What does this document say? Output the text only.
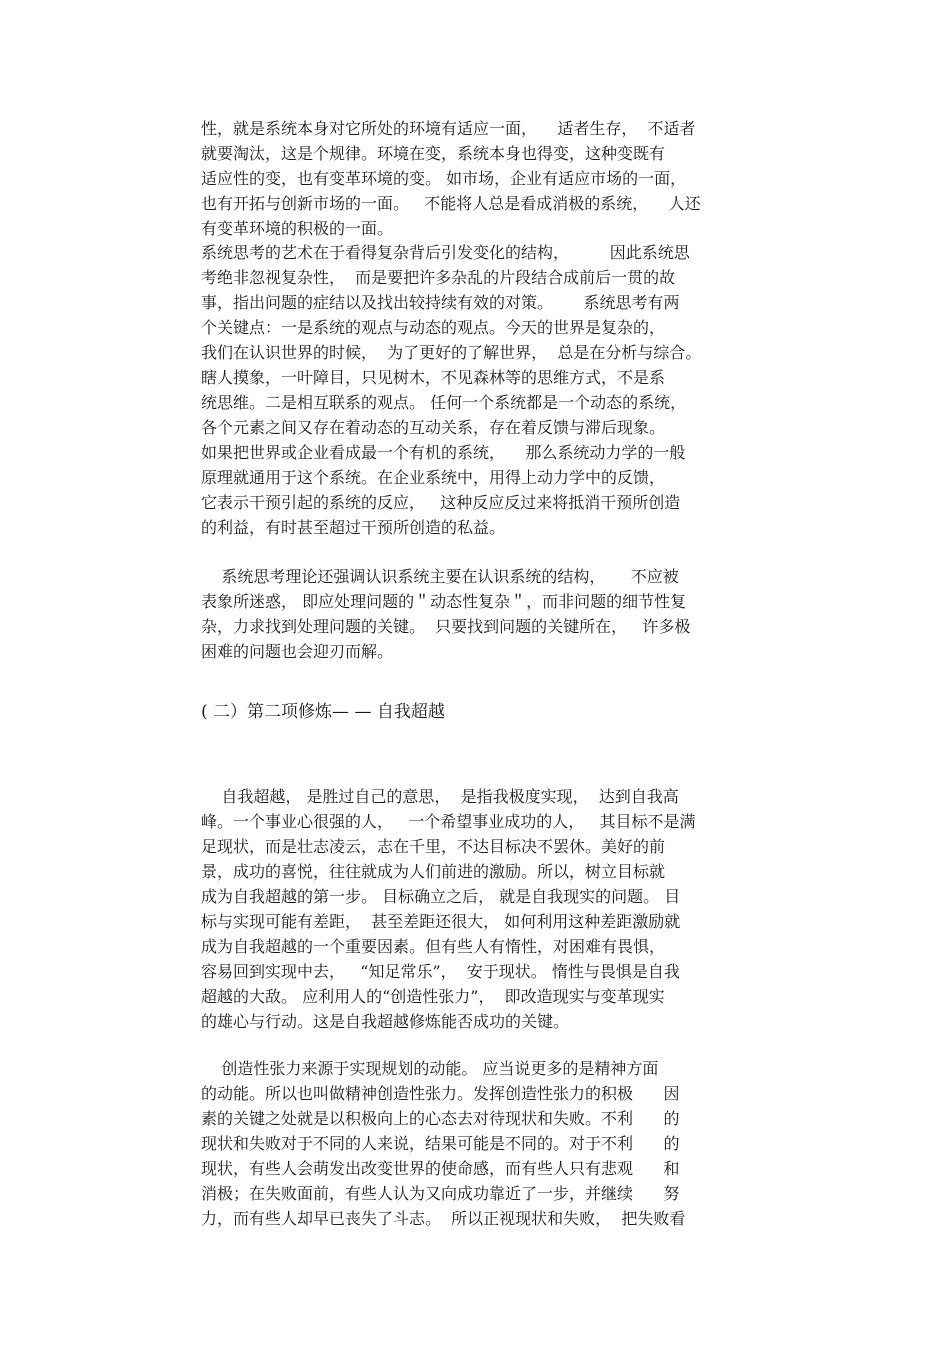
性，就是系统本身对它所处的环境有适应一面，    适者生存，  不适者
就要淘汰，这是个规律。环境在变，系统本身也得变，这种变既有
适应性的变，也有变革环境的变。 如市场，企业有适应市场的一面，
也有开拓与创新市场的一面。   不能将人总是看成消极的系统，    人还
有变革环境的积极的一面。
系统思考的艺术在于看得复杂背后引发变化的结构，        因此系统思
考绝非忽视复杂性，  而是要把许多杂乱的片段结合成前后一贯的故
事，指出问题的症结以及找出较持续有效的对策。      系统思考有两
个关键点：一是系统的观点与动态的观点。今天的世界是复杂的，
我们在认识世界的时候，  为了更好的了解世界，  总是在分析与综合。
瞎人摸象，一叶障目，只见树木，不见森林等的思维方式，不是系
统思维。二是相互联系的观点。 任何一个系统都是一个动态的系统，
各个元素之间又存在着动态的互动关系，存在着反馈与滞后现象。
如果把世界或企业看成最一个有机的系统，    那么系统动力学的一般
原理就通用于这个系统。在企业系统中，用得上动力学中的反馈，
它表示干预引起的系统的反应，   这种反应反过来将抵消干预所创造
的利益，有时甚至超过干预所创造的私益。
系统思考理论还强调认识系统主要在认识系统的结构，     不应被
表象所迷惑， 即应处理问题的＂动态性复杂＂，而非问题的细节性复
杂，力求找到处理问题的关键。  只要找到问题的关键所在，   许多极
困难的问题也会迎刃而解。
( 二）第二项修炼— — 自我超越
自我超越， 是胜过自己的意思，  是指我极度实现，  达到自我高
峰。一个事业心很强的人，   一个希望事业成功的人，   其目标不是满
足现状，而是壮志凌云，志在千里，不达目标决不罢休。美好的前
景，成功的喜悦，往往就成为人们前进的激励。所以，树立目标就
成为自我超越的第一步。 目标确立之后， 就是自我现实的问题。 目
标与实现可能有差距，  甚至差距还很大， 如何利用这种差距激励就
成为自我超越的一个重要因素。但有些人有惰性，对困难有畏惧，
容易回到实现中去，   “知足常乐”，  安于现状。 惰性与畏惧是自我
超越的大敌。 应利用人的“创造性张力”，  即改造现实与变革现实
的雄心与行动。这是自我超越修炼能否成功的关键。
创造性张力来源于实现规划的动能。 应当说更多的是精神方面
的动能。所以也叫做精神创造性张力。发挥创造性张力的积极      因
素的关键之处就是以积极向上的心态去对待现状和失败。不利      的
现状和失败对于不同的人来说，结果可能是不同的。对于不利      的
现状，有些人会萌发出改变世界的使命感，而有些人只有悲观      和
消极；在失败面前，有些人认为又向成功靠近了一步，并继续      努
力，而有些人却早已丧失了斗志。  所以正视现状和失败，  把失败看
